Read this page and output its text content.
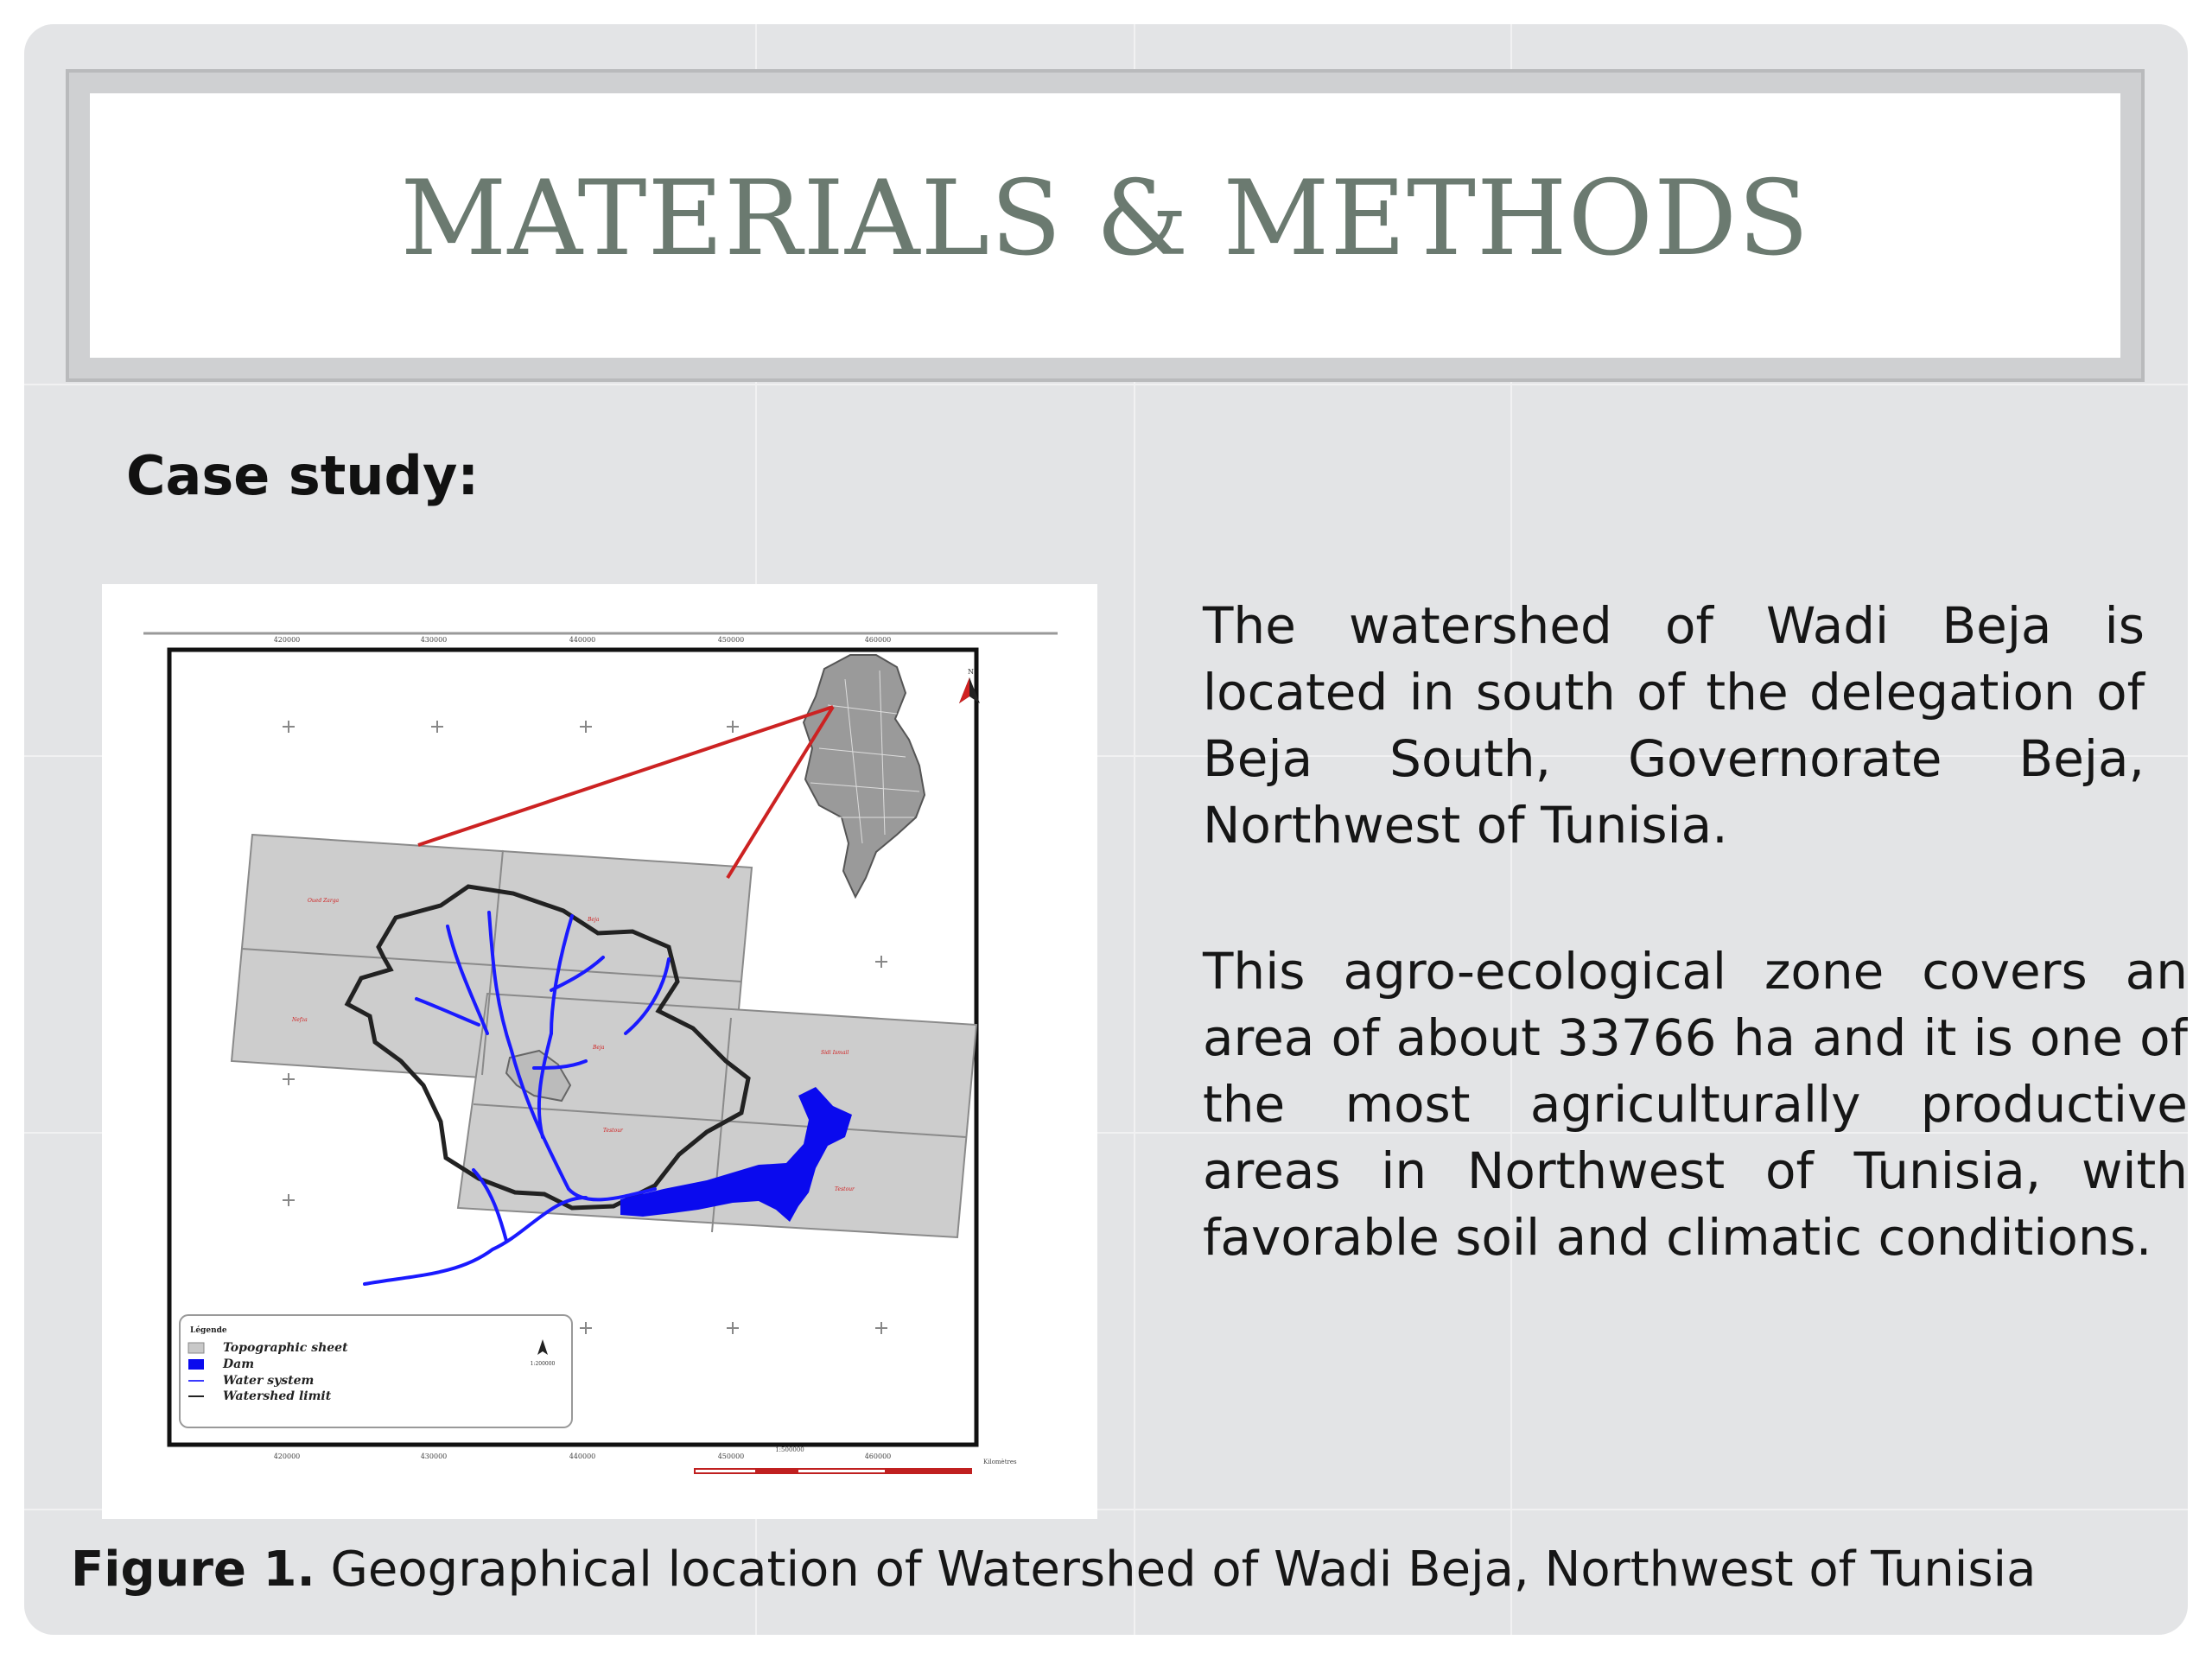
MATERIALS & METHODS
Case study:
420000	430000	440000	450000	460000
Oued Zarga
Beja
Nefza
Beja
Sidi Ismail
Testour
Testour
N
Légende
Topographic sheet
Dam
Water system
Watershed limit
1:200000
420000	430000	440000	450000	460000
1:500000
Kilomètres
The watershed of Wadi Beja is located in south of the delegation of Beja South, Governorate Beja, Northwest of Tunisia.
This agro-ecological zone covers an area of about 33766 ha and it is one of the most agriculturally productive areas in Northwest of Tunisia, with favorable soil and climatic conditions.
Figure 1. Geographical location of Watershed of Wadi Beja, Northwest of Tunisia
